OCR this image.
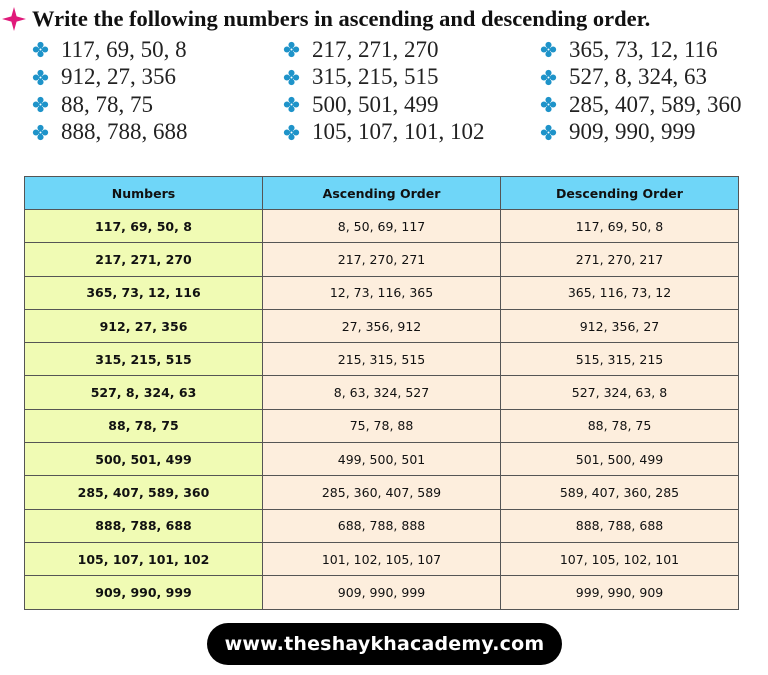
Write the following numbers in ascending and descending order.
117, 69, 50, 8
912, 27, 356
88, 78, 75
888, 788, 688
217, 271, 270
315, 215, 515
500, 501, 499
105, 107, 101, 102
365, 73, 12, 116
527, 8, 324, 63
285, 407, 589, 360
909, 990, 999
Numbers	Ascending Order	Descending Order
117, 69, 50, 8	8, 50, 69, 117	117, 69, 50, 8
217, 271, 270	217, 270, 271	271, 270, 217
365, 73, 12, 116	12, 73, 116, 365	365, 116, 73, 12
912, 27, 356	27, 356, 912	912, 356, 27
315, 215, 515	215, 315, 515	515, 315, 215
527, 8, 324, 63	8, 63, 324, 527	527, 324, 63, 8
88, 78, 75	75, 78, 88	88, 78, 75
500, 501, 499	499, 500, 501	501, 500, 499
285, 407, 589, 360	285, 360, 407, 589	589, 407, 360, 285
888, 788, 688	688, 788, 888	888, 788, 688
105, 107, 101, 102	101, 102, 105, 107	107, 105, 102, 101
909, 990, 999	909, 990, 999	999, 990, 909
www.theshaykhacademy.com
